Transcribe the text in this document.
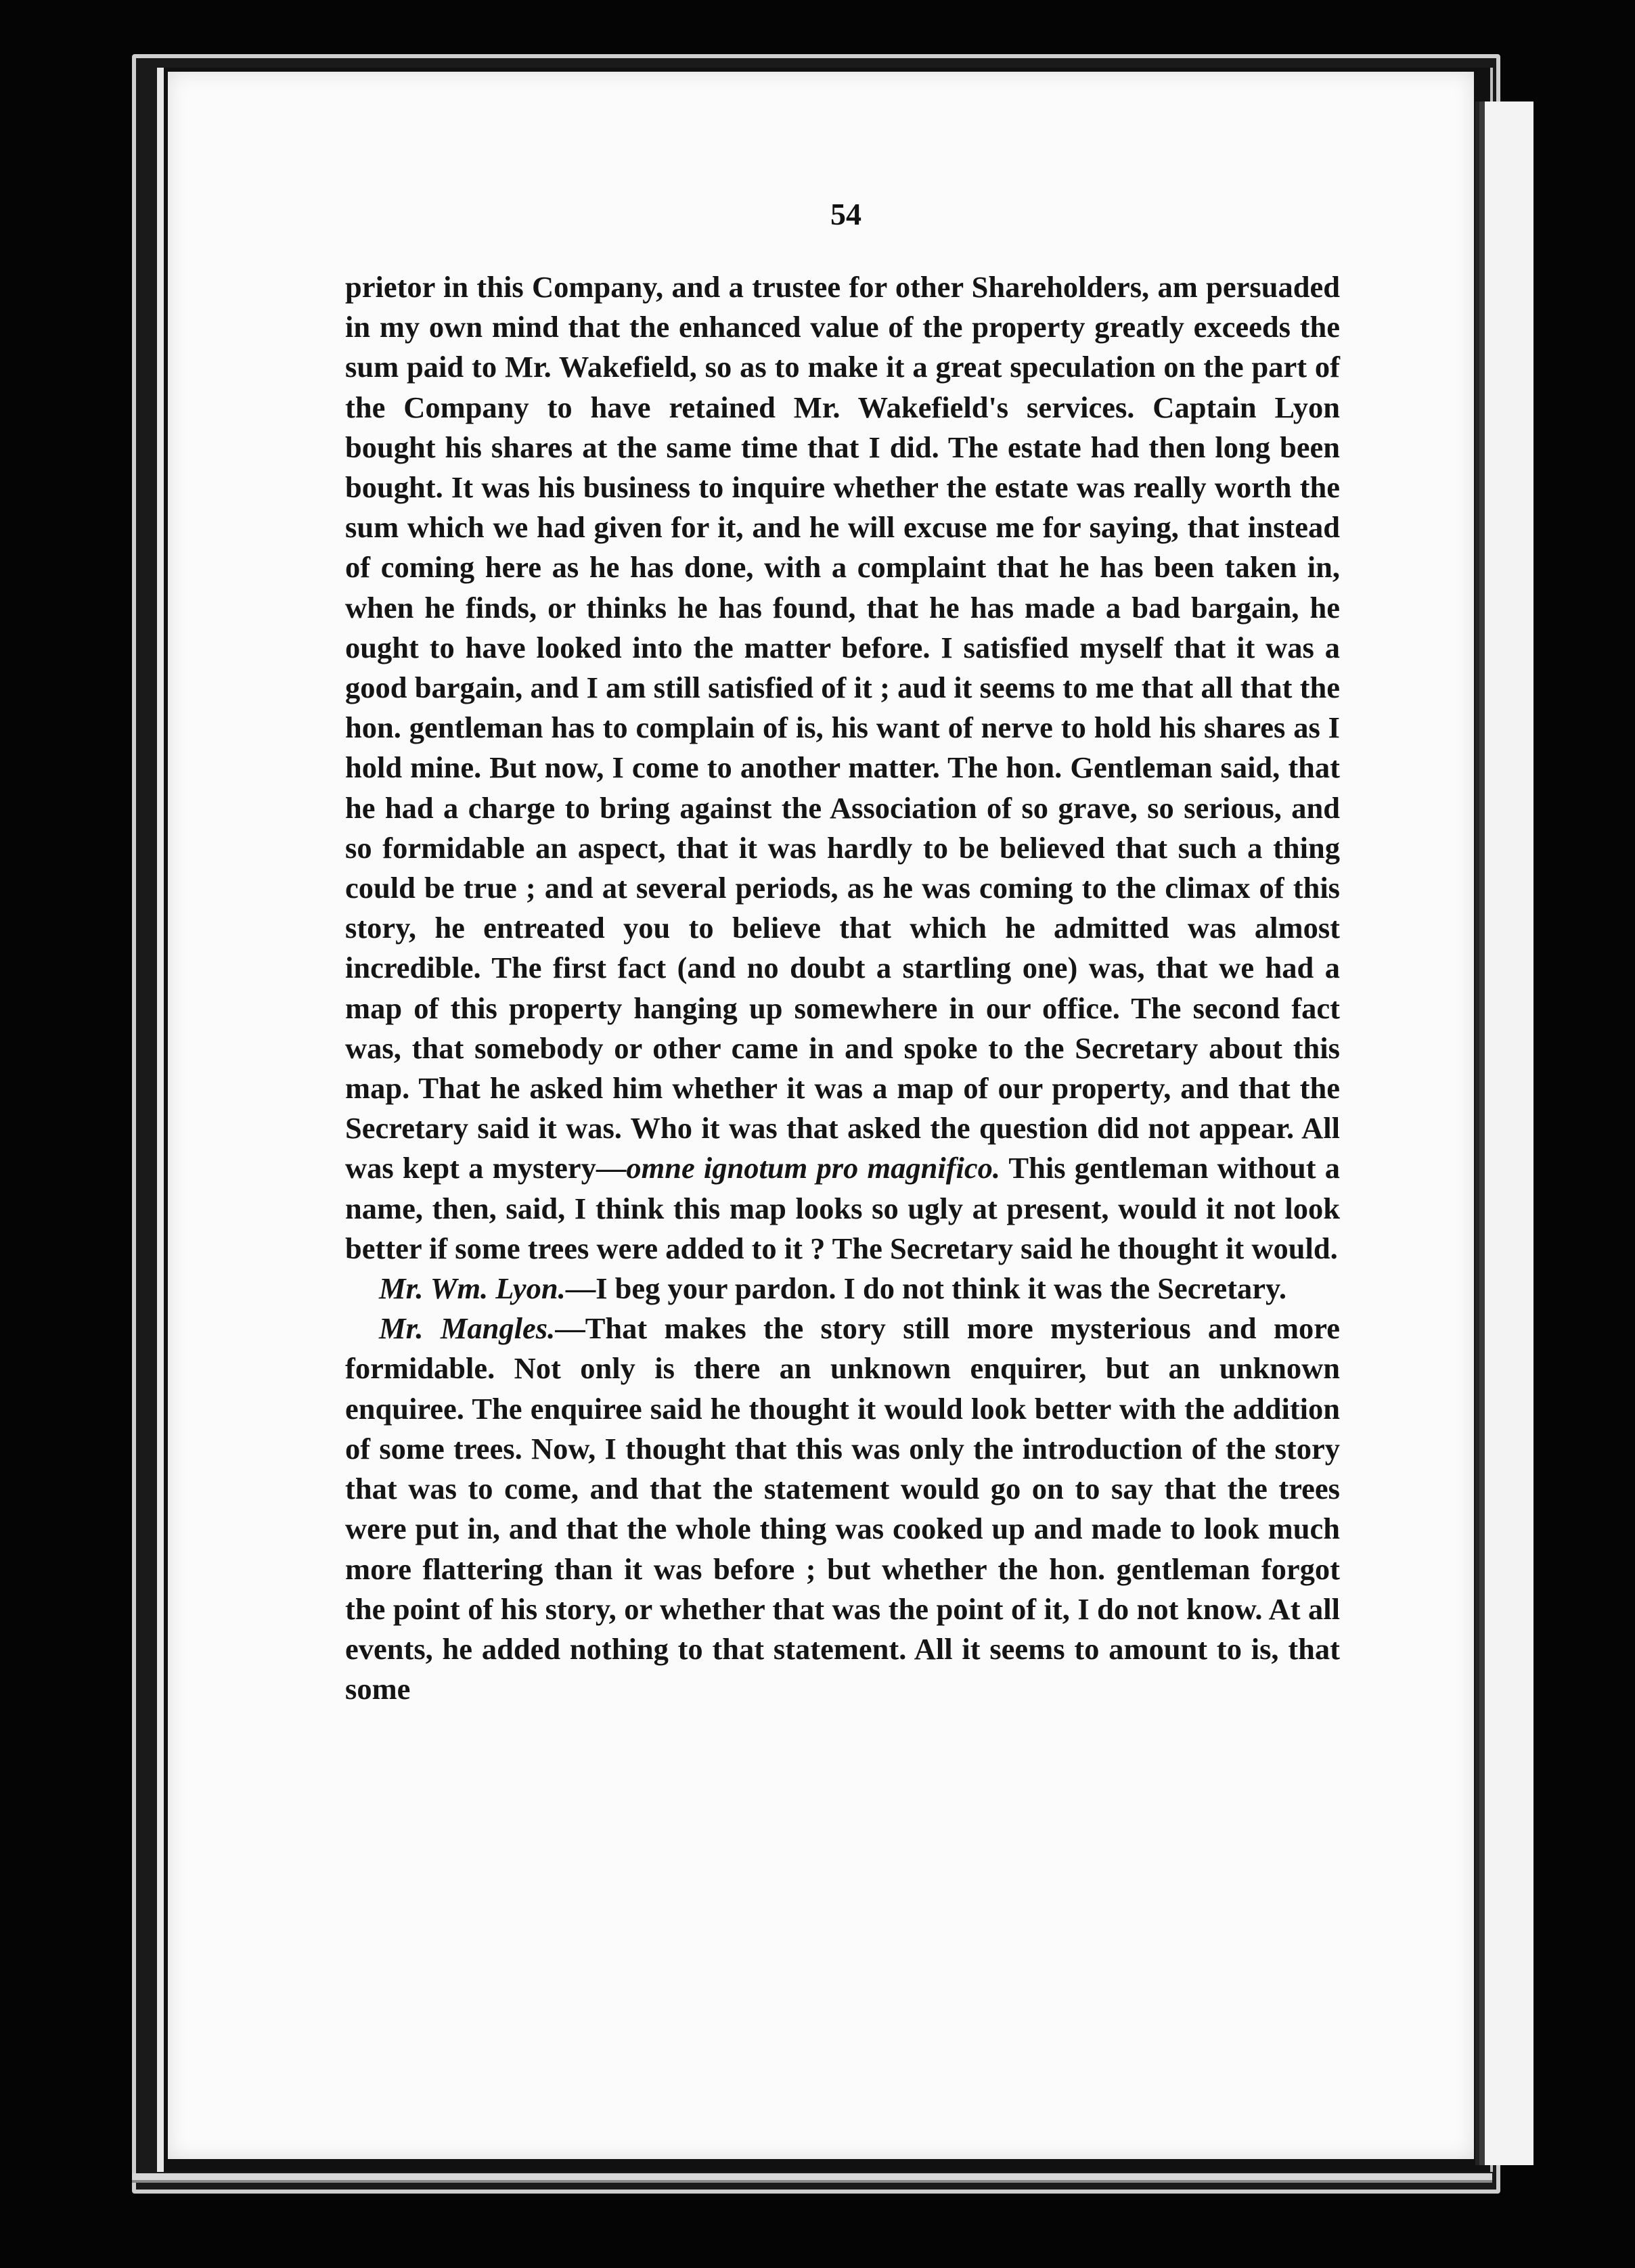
54

prietor in this Company, and a trustee for other Shareholders, am persuaded in my own mind that the enhanced value of the property greatly exceeds the sum paid to Mr. Wakefield, so as to make it a great speculation on the part of the Company to have retained Mr. Wakefield's services. Captain Lyon bought his shares at the same time that I did. The estate had then long been bought. It was his business to inquire whether the estate was really worth the sum which we had given for it, and he will excuse me for saying, that instead of coming here as he has done, with a complaint that he has been taken in, when he finds, or thinks he has found, that he has made a bad bargain, he ought to have looked into the matter before. I satisfied myself that it was a good bargain, and I am still satisfied of it ; aud it seems to me that all that the hon. gentleman has to complain of is, his want of nerve to hold his shares as I hold mine. But now, I come to another matter. The hon. Gentleman said, that he had a charge to bring against the Association of so grave, so serious, and so formidable an aspect, that it was hardly to be believed that such a thing could be true ; and at several periods, as he was coming to the climax of this story, he entreated you to believe that which he admitted was almost incredible. The first fact (and no doubt a startling one) was, that we had a map of this property hanging up somewhere in our office. The second fact was, that somebody or other came in and spoke to the Secretary about this map. That he asked him whether it was a map of our property, and that the Secretary said it was. Who it was that asked the question did not appear. All was kept a mystery—omne ignotum pro magnifico. This gentleman without a name, then, said, I think this map looks so ugly at present, would it not look better if some trees were added to it ? The Secretary said he thought it would.

Mr. Wm. Lyon.—I beg your pardon. I do not think it was the Secretary.

Mr. Mangles.—That makes the story still more mysterious and more formidable. Not only is there an unknown enquirer, but an unknown enquiree. The enquiree said he thought it would look better with the addition of some trees. Now, I thought that this was only the introduction of the story that was to come, and that the statement would go on to say that the trees were put in, and that the whole thing was cooked up and made to look much more flattering than it was before ; but whether the hon. gentleman forgot the point of his story, or whether that was the point of it, I do not know. At all events, he added nothing to that statement. All it seems to amount to is, that some
